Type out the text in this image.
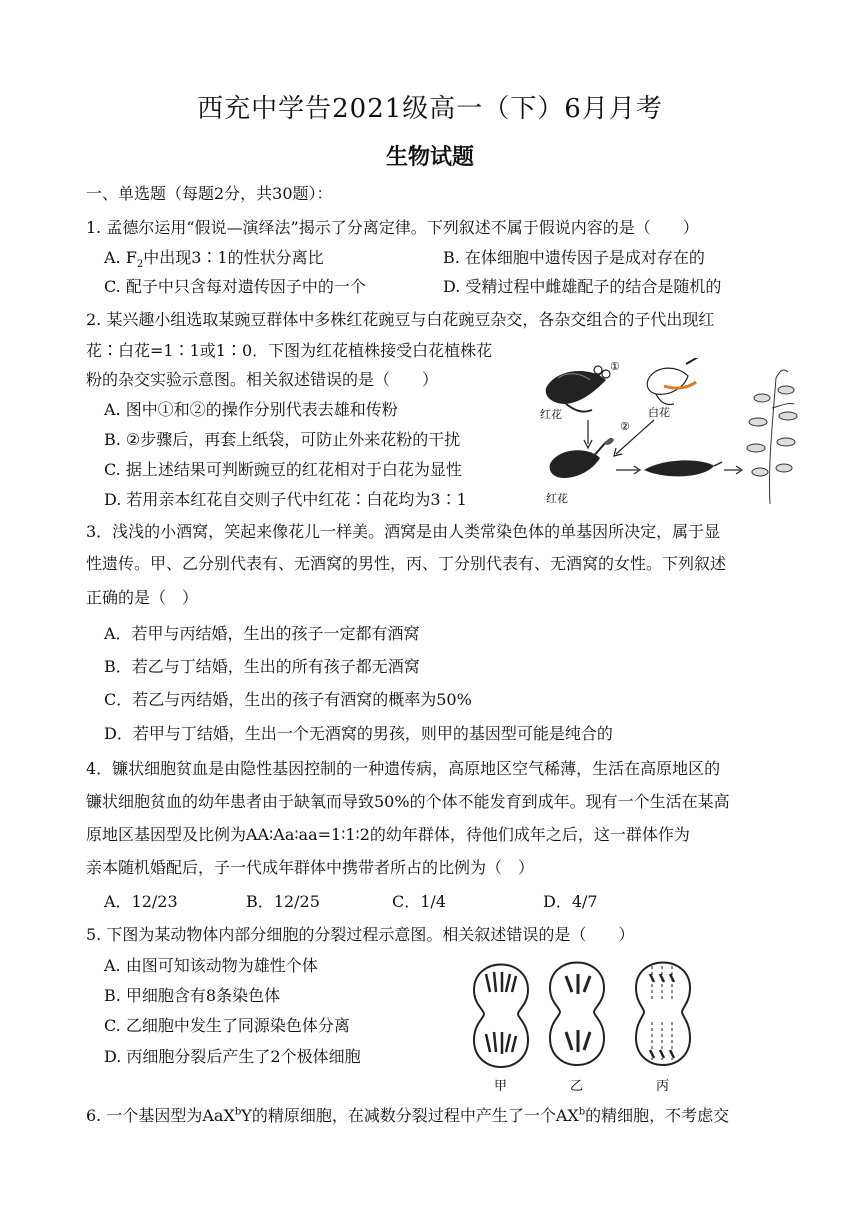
西充中学告2021级高一（下）6月月考
生物试题
一、单选题（每题2分，共30题）：
1. 孟德尔运用“假说—演绎法”揭示了分离定律。下列叙述不属于假说内容的是（　　）
A. $F_2$中出现3∶1的性状分离比	B. 在体细胞中遗传因子是成对存在的
C. 配子中只含每对遗传因子中的一个	D. 受精过程中雌雄配子的结合是随机的
2. 某兴趣小组选取某豌豆群体中多株红花豌豆与白花豌豆杂交，各杂交组合的子代出现红
花∶白花=1∶1或1∶0．下图为红花植株接受白花植株花
粉的杂交实验示意图。相关叙述错误的是（　　）
A. 图中①和②的操作分别代表去雄和传粉
B. ②步骤后，再套上纸袋，可防止外来花粉的干扰
C. 据上述结果可判断豌豆的红花相对于白花为显性
D. 若用亲本红花自交则子代中红花∶白花均为3∶1
①
红花	白花
②
红花
3．浅浅的小酒窝，笑起来像花儿一样美。酒窝是由人类常染色体的单基因所决定，属于显
性遗传。甲、乙分别代表有、无酒窝的男性，丙、丁分别代表有、无酒窝的女性。下列叙述
正确的是（　）
A．若甲与丙结婚，生出的孩子一定都有酒窝
B．若乙与丁结婚，生出的所有孩子都无酒窝
C．若乙与丙结婚，生出的孩子有酒窝的概率为50%
D．若甲与丁结婚，生出一个无酒窝的男孩，则甲的基因型可能是纯合的
4．镰状细胞贫血是由隐性基因控制的一种遗传病，高原地区空气稀薄，生活在高原地区的
镰状细胞贫血的幼年患者由于缺氧而导致50%的个体不能发育到成年。现有一个生活在某高
原地区基因型及比例为AA∶Aa∶aa=1∶1∶2的幼年群体，待他们成年之后，这一群体作为
亲本随机婚配后，子一代成年群体中携带者所占的比例为（　）
A．12/23	B．12/25	C．1/4	D．4/7
5. 下图为某动物体内部分细胞的分裂过程示意图。相关叙述错误的是（　　）
A. 由图可知该动物为雄性个体
B. 甲细胞含有8条染色体
C. 乙细胞中发生了同源染色体分离
D. 丙细胞分裂后产生了2个极体细胞
甲	乙	丙
6. 一个基因型为AaX$^b$Y的精原细胞，在减数分裂过程中产生了一个$AX^b$的精细胞，不考虑交
